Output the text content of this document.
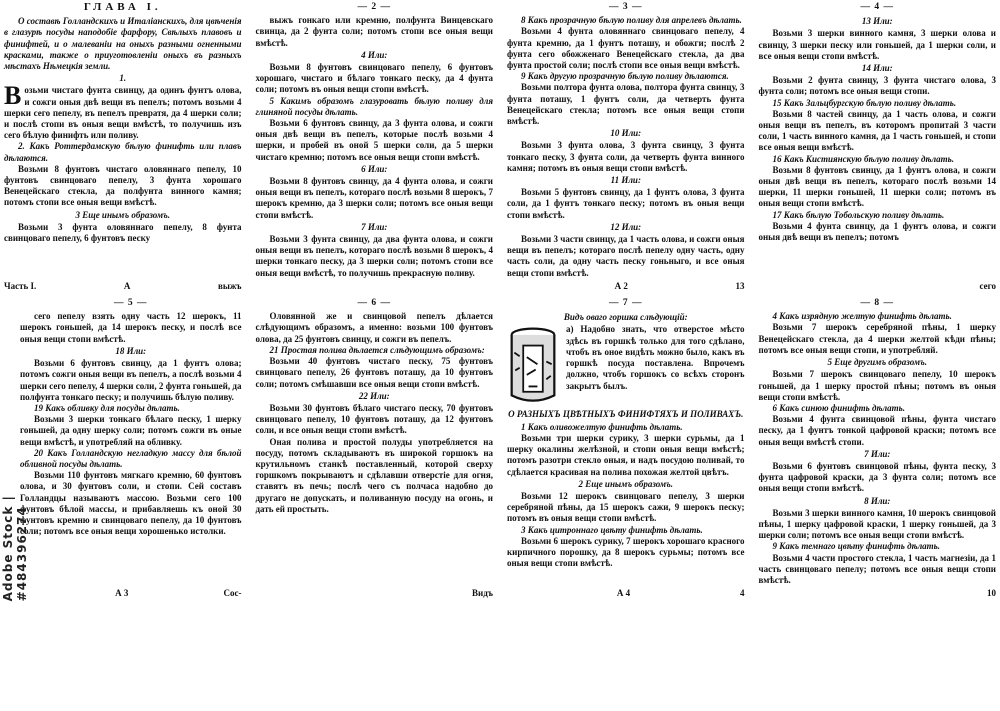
ГЛАВА I.

О составѣ Голландскихъ и Италіанскихъ, для цвѣченія в глазурѣ посуды наподобіе фарфору, Свѣлыхъ плавовъ и финифтей, и о малеваніи на оныхъ разными огненными красками, также о приуготовленіи оныхъ въ разныхъ мѣстахъ Нѣмецкія земли.

1.

Возьми чистаго фунта свинцу, да одинъ фунтъ олова, и сожги оныя двѣ вещи въ пепелъ; потомъ возьми 4 шерки сего пепелу, въ пепелъ превратя, да 4 шерки соли; и послѣ стопи въ оныя вещи вмѣстѣ, то получишь изъ сего бѣлую финифть или поливу.

2. Какъ Роттердамскую бѣлую финифть или плавъ дѣлаются.

Возьми 8 фунтовъ чистаго оловяннаго пепелу, 10 фунтовъ свинцоваго пепелу, 3 фунта хорошаго Венецейскаго стекла, да полфунта винного камня; потомъ стопи все оныя вещи вмѣстѣ.

3 Еще инымъ образомъ.

Возьми 3 фунта оловяннаго пепелу, 8 фунта свинцоваго пепелу, 6 фунтовъ песку

Часть I.	А	выжъ
— 2 —

выжъ гонкаго или кремню, полфунта Винцевскаго свинца, да 2 фунта соли; потомъ стопи все оныя вещи вмѣстѣ.

4 Или:

Возьми 8 фунтовъ свинцоваго пепелу, 6 фунтовъ хорошаго, чистаго и бѣлаго тонкаго песку, да 4 фунта соли; потомъ въ оныя вещи стопи вмѣстѣ.

5 Какимъ образомъ глазуровать бѣлую поливу для глиняной посуды дѣлать.

Возьми 6 фунтовъ свинцу, да 3 фунта олова, и сожги оныя двѣ вещи въ пепелъ, которые послѣ возьми 4 шерки, и пробей въ оной 5 шерки соли, да 5 шерки чистаго кремню; потомъ все оныя вещи стопи вмѣстѣ.

6 Или:

Возьми 8 фунтовъ свинцу, да 4 фунта олова, и сожги оныя вещи въ пепелъ, котораго послѣ возьми 8 шерокъ, 7 шерокъ кремню, да 3 шерки соли; потомъ все оныя вещи стопи вмѣстѣ.

7 Или:

Возьми 3 фунта свинцу, да два фунта олова, и сожги оныя вещи въ пепелъ, котораго послѣ возьми 8 шерокъ, 4 шерки тонкаго песку, да 3 шерки соли; потомъ стопи все оныя вещи вмѣстѣ, то получишь прекрасную поливу.

— 3 —

8 Какъ прозрачную бѣлую поливу для апрелевъ дѣлать.

Возьми 4 фунта оловяннаго свинцоваго пепелу, 4 фунта кремню, да 1 фунтъ поташу, и обожги; послѣ 2 фунта сего обожженаго Венецейскаго стекла, да два фунта простой соли; послѣ стопи все оныя вещи вмѣстѣ.

9 Какъ другую прозрачную бѣлую поливу дѣлаются.

Возьми полтора фунта олова, полтора фунта свинцу, 3 фунта поташу, 1 фунтъ соли, да четверть фунта Венецейскаго стекла; потомъ все оныя вещи стопи вмѣстѣ.

10 Или:

Возьми 3 фунта олова, 3 фунта свинцу, 3 фунта тонкаго песку, 3 фунта соли, да четверть фунта винного камня; потомъ въ оныя вещи стопи вмѣстѣ.

11 Или:

Возьми 5 фунтовъ свинцу, да 1 фунтъ олова, 3 фунта соли, да 1 фунтъ тонкаго песку; потомъ въ оныя вещи стопи вмѣстѣ.

12 Или:

Возьми 3 части свинцу, да 1 часть олова, и сожги оныя вещи въ пепелъ; котораго послѣ пепелу одну часть, одну часть соли, да одну часть песку гоньныго, и все оныя вещи стопи вмѣстѣ.

А 2	13
— 4 —

13 Или:

Возьми 3 шерки винного камня, 3 шерки олова и свинцу, 3 шерки песку или гоньшей, да 1 шерки соли, и все оныя вещи стопи вмѣстѣ.

14 Или:

Возьми 2 фунта свинцу, 3 фунта чистаго олова, 3 фунта соли; потомъ все оныя вещи стопи.

15 Какъ Зальцбургскую бѣлую поливу дѣлать.

Возьми 8 частей свинцу, да 1 часть олова, и сожги оныя вещи въ пепелъ, въ которомъ пропитай 3 части соли, 1 часть винного камня, да 1 часть гоньшей, и стопи все оныя вещи вмѣстѣ.

16 Какъ Кистиянскую бѣлую поливу дѣлать.

Возьми 8 фунтовъ свинцу, да 1 фунтъ олова, и сожги оныя двѣ вещи въ пепелъ, котораго послѣ возьми 14 шерки, 11 шерки гоньшей, 11 шерки соли; потомъ въ оныя вещи стопи вмѣстѣ.

17 Какъ бѣлую Тобольскую поливу дѣлать.

Возьми 4 фунта свинцу, да 1 фунтъ олова, и сожги оныя двѣ вещи въ пепелъ; потомъ

сего
— 5 —

сего пепелу взять одну часть 12 шерокъ, 11 шерокъ гоньшей, да 14 шерокъ песку, и послѣ все оныя вещи стопи вмѣстѣ.

18 Или:

Возьми 6 фунтовъ свинцу, да 1 фунтъ олова; потомъ сожги оныя вещи въ пепелъ, а послѣ возьми 4 шерки сего пепелу, 4 шерки соли, 2 фунта гоньшей, да полфунта тонкаго песку; и получишь бѣлую поливу.

19 Какъ обливку для посуды дѣлать.

Возьми 3 шерки тонкаго бѣлаго песку, 1 шерку гоньшей, да одну шерку соли; потомъ сожги въ оные вещи вмѣстѣ, и употребляй на обливку.

20 Какъ Голландскую негладкую массу для бѣлой обливной посуды дѣлать.

Возьми 110 фунтовъ мягкаго кремню, 60 фунтовъ олова, и 30 фунтовъ соли, и стопи. Сей составъ Голландцы называютъ массою. Возьми сего 100 фунтовъ бѣлой массы, и прибавляешь къ оной 30 фунтовъ кремню и свинцоваго пепелу, да 10 фунтовъ соли; потомъ все оныя вещи хорошенько истолки.

А 3	Сос-
— 6 —

Оловянной же и свинцовой пепелъ дѣлается слѣдующимъ образомъ, а именно: возьми 100 фунтовъ олова, да 25 фунтовъ свинцу, и сожги въ пепелъ.

21 Простая полива дѣлается слѣдующимъ образомъ:

Возьми 40 фунтовъ чистаго песку, 75 фунтовъ свинцоваго пепелу, 26 фунтовъ поташу, да 10 фунтовъ соли; потомъ смѣшавши все оныя вещи стопи вмѣстѣ.

22 Или:

Возьми 30 фунтовъ бѣлаго чистаго песку, 70 фунтовъ свинцоваго пепелу, 10 фунтовъ поташу, да 12 фунтовъ соли, и все оныя вещи стопи вмѣстѣ.

Оная полива и простой полуды употребляется на посуду, потомъ складываютъ въ широкой горшокъ на крутильномъ станкѣ поставленный, которой сверху горшкомъ покрываютъ и сдѣлавши отверстіе для огня, ставятъ въ печь; послѣ чего съ полчаса надобно до другаго не допускать, и поливанную посуду на огонь, и дать ей простыть.

Видъ
— 7 —

Видъ оваго горшка слѣдующій:

а) Надобно знать, что отверстое мѣсто здѣсь въ горшкѣ только для того сдѣлано, чтобъ въ оное видѣть можно было, какъ въ горшкѣ посуда поставлена. Впрочемъ должно, чтобъ горшокъ со всѣхъ сторонъ закрытъ былъ.

О РАЗНЫХЪ ЦВѢТНЫХЪ ФИНИФТЯХЪ И ПОЛИВАХЪ.

1 Какъ оливожелтую финифть дѣлать.

Возьми три шерки сурику, 3 шерки сурьмы, да 1 шерку окалины желѣзной, и стопи оныя вещи вмѣстѣ; потомъ разотри стекло оныя, и надъ посудою поливай, то сдѣлается красивая на полива похожая желтой цвѣтъ.

2 Еще инымъ образомъ.

Возьми 12 шерокъ свинцоваго пепелу, 3 шерки серебряной пѣны, да 15 шерокъ сажи, 9 шерокъ песку; потомъ въ оныя вещи стопи вмѣстѣ.

3 Какъ цитроннаго цвѣту финифть дѣлать.

Возьми 6 шерокъ сурику, 7 шерокъ хорошаго красного кирпичного порошку, да 8 шерокъ сурьмы; потомъ все оныя вещи стопи вмѣстѣ.

А 4	4
— 8 —

4 Какъ изрядную желтую финифть дѣлать.

Возьми 7 шерокъ серебряной пѣны, 1 шерку Венецейскаго стекла, да 4 шерки желтой кѣди пѣны; потомъ все оныя вещи стопи, и употребляй.

5 Еще другимъ образомъ.

Возьми 7 шерокъ свинцоваго пепелу, 10 шерокъ гоньшей, да 1 шерку простой пѣны; потомъ въ оныя вещи стопи вмѣстѣ.

6 Какъ синюю финифть дѣлать.

Возьми 4 фунта свинцовой пѣны, фунта чистаго песку, да 1 фунтъ тонкой цафровой краски; потомъ все оныя вещи вмѣстѣ стопи.

7 Или:

Возьми 6 фунтовъ свинцовой пѣны, фунта песку, 3 фунта цафровой краски, да 3 фунта соли; потомъ все оныя вещи стопи вмѣстѣ.

8 Или:

Возьми 3 шерки винного камня, 10 шерокъ свинцовой пѣны, 1 шерку цафровой краски, 1 шерку гоньшей, да 3 шерки соли; потомъ все оныя вещи стопи вмѣстѣ.

9 Какъ темнаго цвѣту финифть дѣлать.

Возьми 4 части простого стекла, 1 часть магнезіи, да 1 часть свинцоваго пепелу; потомъ все оныя вещи стопи вмѣстѣ.

10
Adobe Stock | #484396274
